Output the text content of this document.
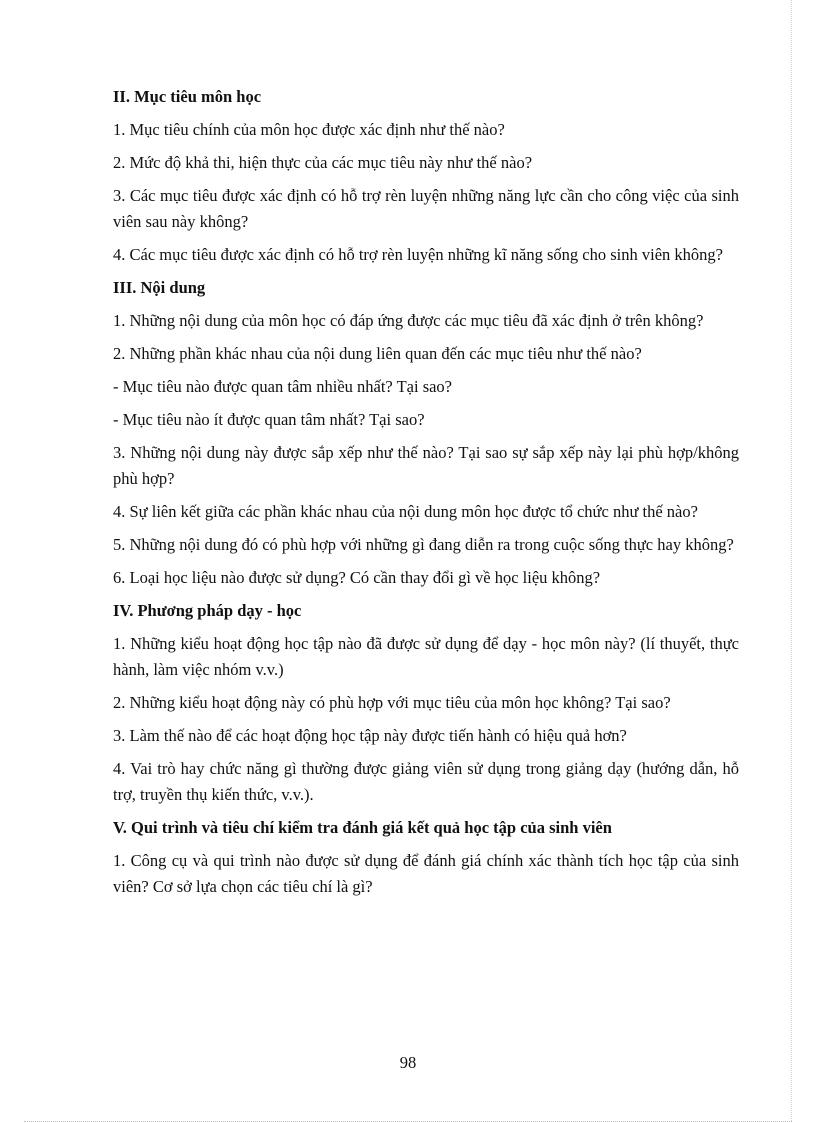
II. Mục tiêu môn học

1. Mục tiêu chính của môn học được xác định như thế nào?

2. Mức độ khả thi, hiện thực của các mục tiêu này như thế nào?

3. Các mục tiêu được xác định có hỗ trợ rèn luyện những năng lực cần cho công việc của sinh viên sau này không?

4. Các mục tiêu được xác định có hỗ trợ rèn luyện những kĩ năng sống cho sinh viên không?

III. Nội dung

1. Những nội dung của môn học có đáp ứng được các mục tiêu đã xác định ở trên không?

2. Những phần khác nhau của nội dung liên quan đến các mục tiêu như thế nào?

- Mục tiêu nào được quan tâm nhiều nhất? Tại sao?

- Mục tiêu nào ít được quan tâm nhất? Tại sao?

3. Những nội dung này được sắp xếp như thế nào? Tại sao sự sắp xếp này lại phù hợp/không phù hợp?

4. Sự liên kết giữa các phần khác nhau của nội dung môn học được tổ chức như thế nào?

5. Những nội dung đó có phù hợp với những gì đang diễn ra trong cuộc sống thực hay không?

6. Loại học liệu nào được sử dụng? Có cần thay đổi gì về học liệu không?

IV. Phương pháp dạy - học

1. Những kiểu hoạt động học tập nào đã được sử dụng để dạy - học môn này? (lí thuyết, thực hành, làm việc nhóm v.v.)

2. Những kiểu hoạt động này có phù hợp với mục tiêu của môn học không? Tại sao?

3. Làm thế nào để các hoạt động học tập này được tiến hành có hiệu quả hơn?

4. Vai trò hay chức năng gì thường được giảng viên sử dụng trong giảng dạy (hướng dẫn, hỗ trợ, truyền thụ kiến thức, v.v.).

V. Qui trình và tiêu chí kiểm tra đánh giá kết quả học tập của sinh viên

1. Công cụ và qui trình nào được sử dụng để đánh giá chính xác thành tích học tập của sinh viên? Cơ sở lựa chọn các tiêu chí là gì?

98
